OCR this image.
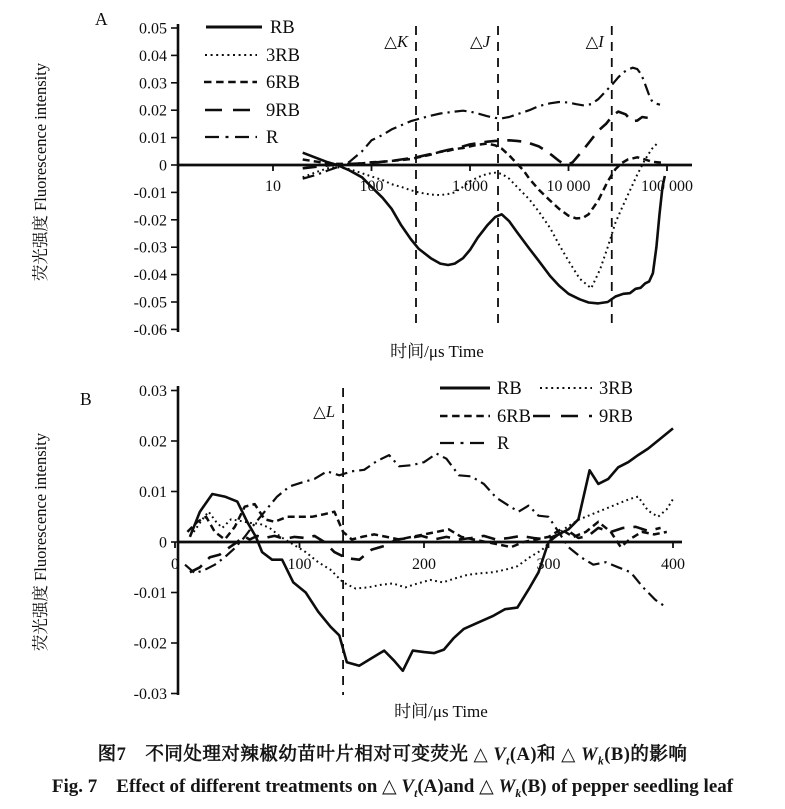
0.05
0.04
0.03
0.02
0.01
0
-0.01
-0.02
-0.03
-0.04
-0.05
-0.06
10	100	1 000	10 000	100 000
△K	△J	△I
RB
3RB
6RB
9RB
R
A
荧光强度 Fluorescence intensity
时间/μs Time
0.03
0.02
0.01
0
-0.01
-0.02
-0.03
0	100	200	300	400
△L
RB	3RB
6RB	9RB
R
B
荧光强度 Fluorescence intensity
时间/μs Time
图7　不同处理对辣椒幼苗叶片相对可变荧光 △ $V_t(A)$和 △ $W_k(B)$的影响
Fig. 7　Effect of different treatments on △ $V_t(A)and$ △ $W_k(B)$ of pepper seedling leaf
